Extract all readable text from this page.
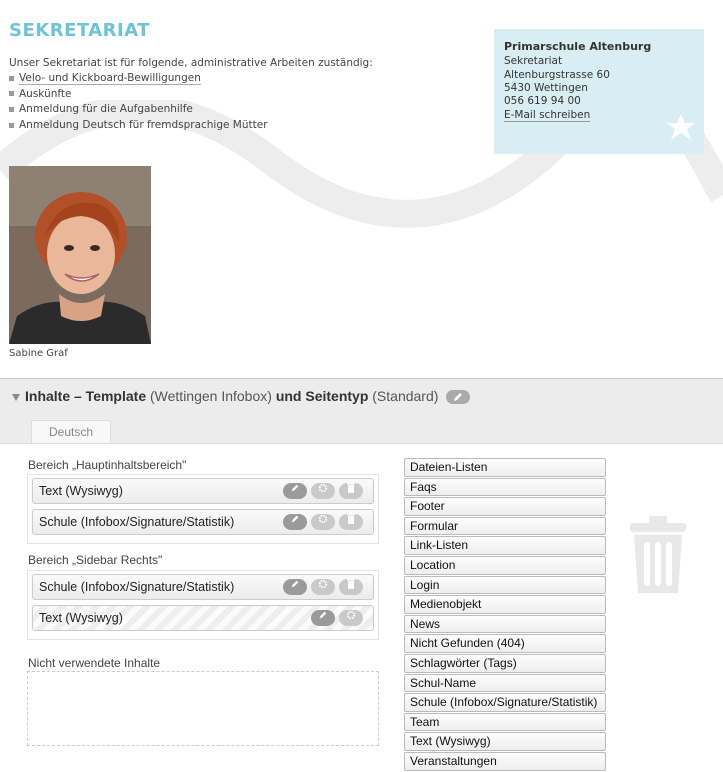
SEKRETARIAT
Unser Sekretariat ist für folgende, administrative Arbeiten zuständig:
Velo- und Kickboard-Bewilligungen
Auskünfte
Anmeldung für die Aufgabenhilfe
Anmeldung Deutsch für fremdsprachige Mütter
Primarschule Altenburg
Sekretariat
Altenburgstrasse 60
5430 Wettingen
056 619 94 00
E-Mail schreiben
Sabine Graf
Inhalte – Template (Wettingen Infobox) und Seitentyp (Standard)
Deutsch
Bereich „Hauptinhaltsbereich"
Text (Wysiwyg)
Schule (Infobox/Signature/Statistik)
Bereich „Sidebar Rechts"
Schule (Infobox/Signature/Statistik)
Text (Wysiwyg)
Nicht verwendete Inhalte
Dateien-Listen
Faqs
Footer
Formular
Link-Listen
Location
Login
Medienobjekt
News
Nicht Gefunden (404)
Schlagwörter (Tags)
Schul-Name
Schule (Infobox/Signature/Statistik)
Team
Text (Wysiwyg)
Veranstaltungen
